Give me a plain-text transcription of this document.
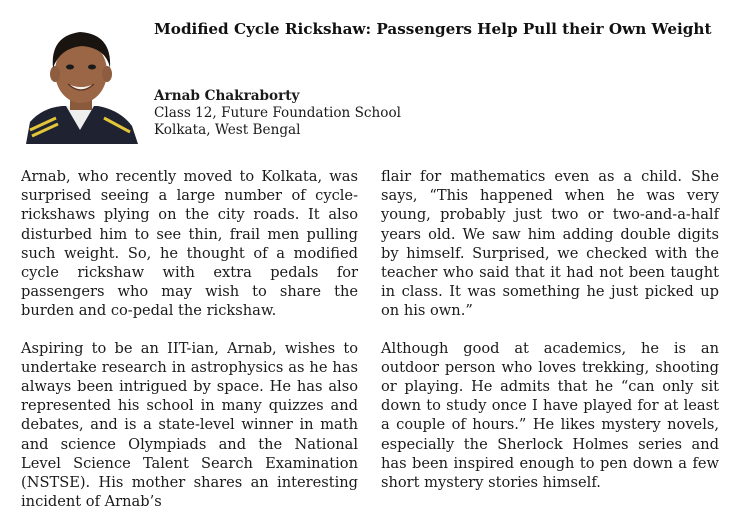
Modified Cycle Rickshaw: Passengers Help Pull their Own Weight
Arnab Chakraborty
Class 12, Future Foundation School
Kolkata, West Bengal

Arnab, who recently moved to Kolkata, was surprised seeing a large number of cycle-rickshaws plying on the city roads. It also disturbed him to see thin, frail men pulling such weight. So, he thought of a modified cycle rickshaw with extra pedals for passengers who may wish to share the burden and co-pedal the rickshaw.

Aspiring to be an IIT-ian, Arnab, wishes to undertake research in astrophysics as he has always been intrigued by space. He has also represented his school in many quizzes and debates, and is a state-level winner in math and science Olympiads and the National Level Science Talent Search Examination (NSTSE). His mother shares an interesting incident of Arnab’s

flair for mathematics even as a child. She says, “This happened when he was very young, probably just two or two-and-a-half years old. We saw him adding double digits by himself. Surprised, we checked with the teacher who said that it had not been taught in class. It was something he just picked up on his own.”

Although good at academics, he is an outdoor person who loves trekking, shooting or playing. He admits that he “can only sit down to study once I have played for at least a couple of hours.” He likes mystery novels, especially the Sherlock Holmes series and has been inspired enough to pen down a few short mystery stories himself.
